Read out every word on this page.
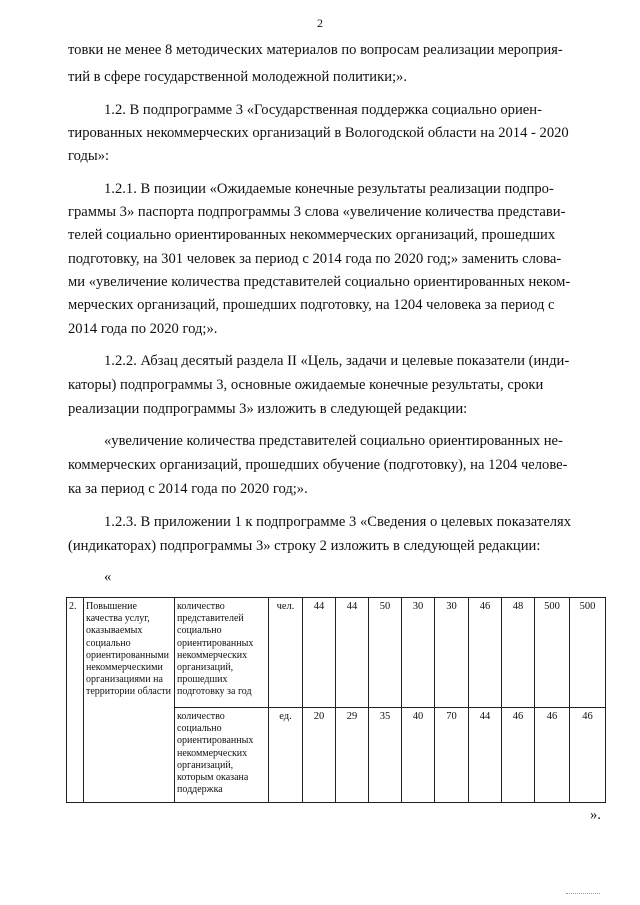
2
товки не менее 8 методических материалов по вопросам реализации мероприя-
тий в сфере государственной молодежной политики;».
1.2. В подпрограмме 3 «Государственная поддержка социально ориен-
тированных некоммерческих организаций в Вологодской области на 2014 - 2020
годы»:
1.2.1. В позиции «Ожидаемые конечные результаты реализации подпро-
граммы 3» паспорта подпрограммы 3 слова «увеличение количества представи-
телей социально ориентированных некоммерческих организаций, прошедших
подготовку, на 301 человек за период с 2014 года по 2020 год;» заменить слова-
ми «увеличение количества представителей социально ориентированных неком-
мерческих организаций, прошедших подготовку, на 1204 человека за период с
2014 года по 2020 год;».
1.2.2. Абзац десятый раздела II «Цель, задачи и целевые показатели (инди-
каторы) подпрограммы 3, основные ожидаемые конечные результаты, сроки
реализации подпрограммы 3» изложить в следующей редакции:
«увеличение количества представителей социально ориентированных не-
коммерческих организаций, прошедших обучение (подготовку), на 1204 челове-
ка за период с 2014 года по 2020 год;».
1.2.3. В приложении 1 к подпрограмме 3 «Сведения о целевых показателях
(индикаторах) подпрограммы 3» строку 2 изложить в следующей редакции:
«
2.	Повышение качества услуг, оказываемых социально ориентированными некоммерческими организациями на территории области	количество представителей социально ориентированных некоммерческих организаций, прошедших подготовку за год	чел.	44	44	50	30	30	46	48	500	500
		количество социально ориентированных некоммерческих организаций, которым оказана поддержка	ед.	20	29	35	40	70	44	46	46	46
».
